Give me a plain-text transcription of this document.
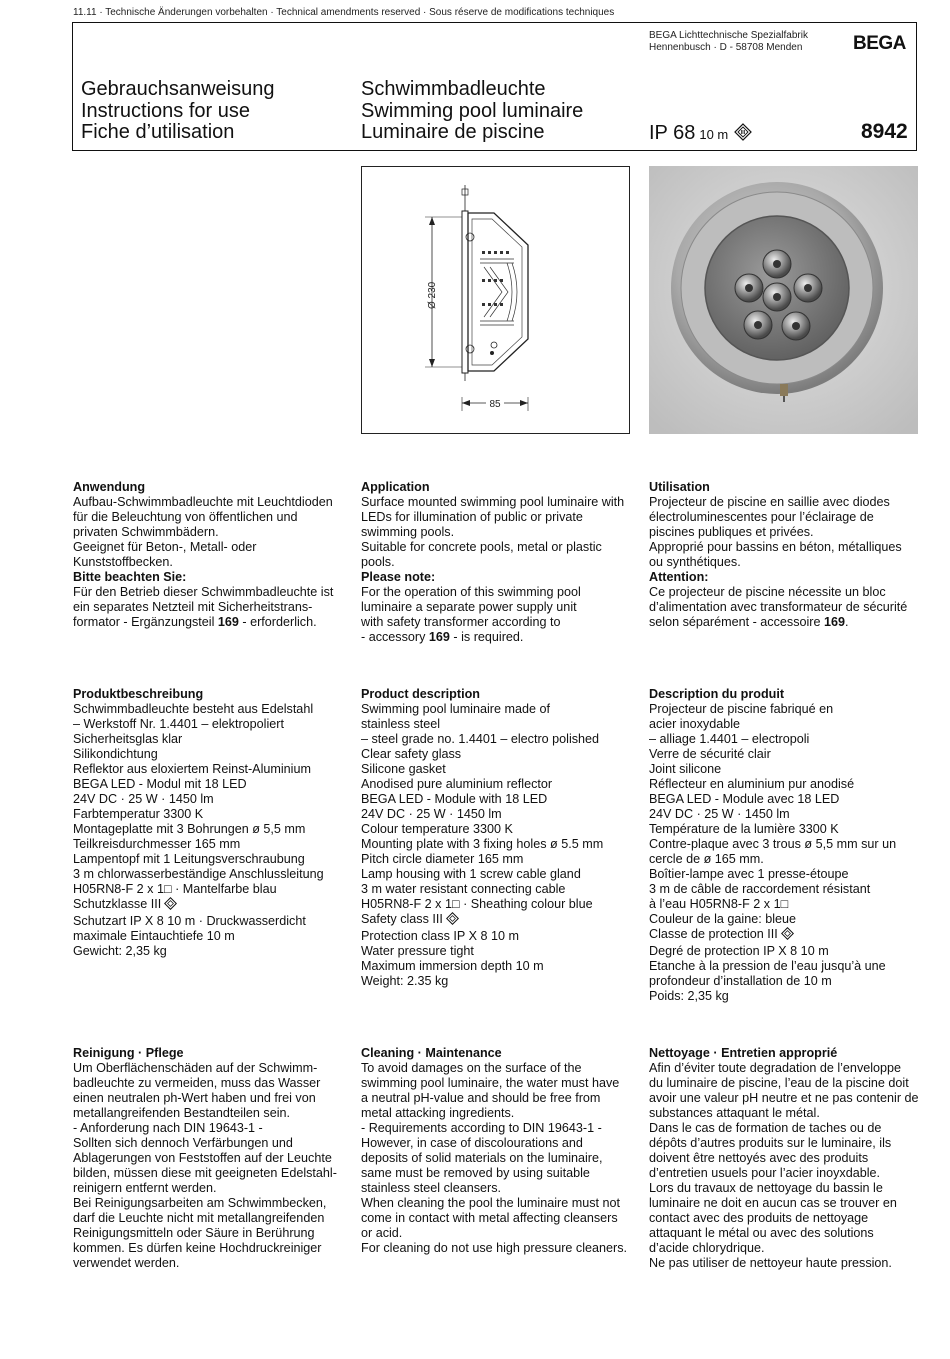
11.11 · Technische Änderungen vorbehalten · Technical amendments reserved · Sous réserve de modifications techniques
BEGA Lichttechnische Spezialfabrik
Hennenbusch · D - 58708 Menden	BEGA
Gebrauchsanweisung
Instructions for use
Fiche d’utilisation
Schwimmbadleuchte
Swimming pool luminaire
Luminaire de piscine	IP 68 10 m	III	8942
Ø 230
85
Anwendung
Aufbau-Schwimmbadleuchte mit Leuchtdioden
für die Beleuchtung von öffentlichen und
privaten Schwimmbädern.
Geeignet für Beton-, Metall- oder
Kunststoffbecken.
Bitte beachten Sie:
Für den Betrieb dieser Schwimmbadleuchte ist
ein separates Netzteil mit Sicherheitstrans-
formator - Ergänzungsteil 169 - erforderlich.
Application
Surface mounted swimming pool luminaire with
LEDs for illumination of public or private
swimming pools.
Suitable for concrete pools, metal or plastic
pools.
Please note:
For the operation of this swimming pool
luminaire a separate power supply unit
with safety transformer according to
- accessory 169 - is required.
Utilisation
Projecteur de piscine en saillie avec diodes
électroluminescentes pour l’éclairage de
piscines publiques et privées.
Approprié pour bassins en béton, métalliques
ou synthétiques.
Attention:
Ce projecteur de piscine nécessite un bloc
d’alimentation avec transformateur de sécurité
selon séparément - accessoire 169.
Produktbeschreibung
Schwimmbadleuchte besteht aus Edelstahl
– Werkstoff Nr. 1.4401 – elektropoliert
Sicherheitsglas klar
Silikondichtung
Reflektor aus eloxiertem Reinst-Aluminium
BEGA LED - Modul mit 18 LED
24V DC · 25 W · 1450 lm
Farbtemperatur 3300 K
Montageplatte mit 3 Bohrungen ø 5,5 mm
Teilkreisdurchmesser 165 mm
Lampentopf mit 1 Leitungsverschraubung
3 m chlorwasserbeständige Anschlussleitung
H05RN8-F 2 x 1□ · Mantelfarbe blau
Schutzklasse III
Schutzart IP X 8 10 m · Druckwasserdicht
maximale Eintauchtiefe 10 m
Gewicht: 2,35 kg
Product description
Swimming pool luminaire made of
stainless steel
– steel grade no. 1.4401 – electro polished
Clear safety glass
Silicone gasket
Anodised pure aluminium reflector
BEGA LED - Module with 18 LED
24V DC · 25 W · 1450 lm
Colour temperature 3300 K
Mounting plate with 3 fixing holes ø 5.5 mm
Pitch circle diameter 165 mm
Lamp housing with 1 screw cable gland
3 m water resistant connecting cable
H05RN8-F 2 x 1□ · Sheathing colour blue
Safety class III
Protection class IP X 8 10 m
Water pressure tight
Maximum immersion depth 10 m
Weight: 2.35 kg
Description du produit
Projecteur de piscine fabriqué en
acier inoxydable
– alliage 1.4401 – electropoli
Verre de sécurité clair
Joint silicone
Réflecteur en aluminium pur anodisé
BEGA LED - Module avec 18 LED
24V DC · 25 W · 1450 lm
Température de la lumière 3300 K
Contre-plaque avec 3 trous ø 5,5 mm sur un
cercle de ø 165 mm.
Boîtier-lampe avec 1 presse-étoupe
3 m de câble de raccordement résistant
à l’eau H05RN8-F 2 x 1□
Couleur de la gaine: bleue
Classe de protection III
Degré de protection IP X 8 10 m
Etanche à la pression de l’eau jusqu’à une
profondeur d’installation de 10 m
Poids: 2,35 kg
Reinigung · Pflege
Um Oberflächenschäden auf der Schwimm-
badleuchte zu vermeiden, muss das Wasser
einen neutralen ph-Wert haben und frei von
metallangreifenden Bestandteilen sein.
- Anforderung nach DIN 19643-1 -
Sollten sich dennoch Verfärbungen und
Ablagerungen von Feststoffen auf der Leuchte
bilden, müssen diese mit geeigneten Edelstahl-
reinigern entfernt werden.
Bei Reinigungsarbeiten am Schwimmbecken,
darf die Leuchte nicht mit metallangreifenden
Reinigungsmitteln oder Säure in Berührung
kommen. Es dürfen keine Hochdruckreiniger
verwendet werden.
Cleaning · Maintenance
To avoid damages on the surface of the
swimming pool luminaire, the water must have
a neutral pH-value and should be free from
metal attacking ingredients.
- Requirements according to DIN 19643-1 -
However, in case of discolourations and
deposits of solid materials on the luminaire,
same must be removed by using suitable
stainless steel cleansers.
When cleaning the pool the luminaire must not
come in contact with metal affecting cleansers
or acid.
For cleaning do not use high pressure cleaners.
Nettoyage · Entretien approprié
Afin d’éviter toute degradation de l’enveloppe
du luminaire de piscine, l’eau de la piscine doit
avoir une valeur pH neutre et ne pas contenir de
substances attaquant le métal.
Dans le cas de formation de taches ou de
dépôts d’autres produits sur le luminaire, ils
doivent être nettoyés avec des produits
d’entretien usuels pour l’acier inoyxdable.
Lors du travaux de nettoyage du bassin le
luminaire ne doit en aucun cas se trouver en
contact avec des produits de nettoyage
attaquant le métal ou avec des solutions
d’acide chlorydrique.
Ne pas utiliser de nettoyeur haute pression.
